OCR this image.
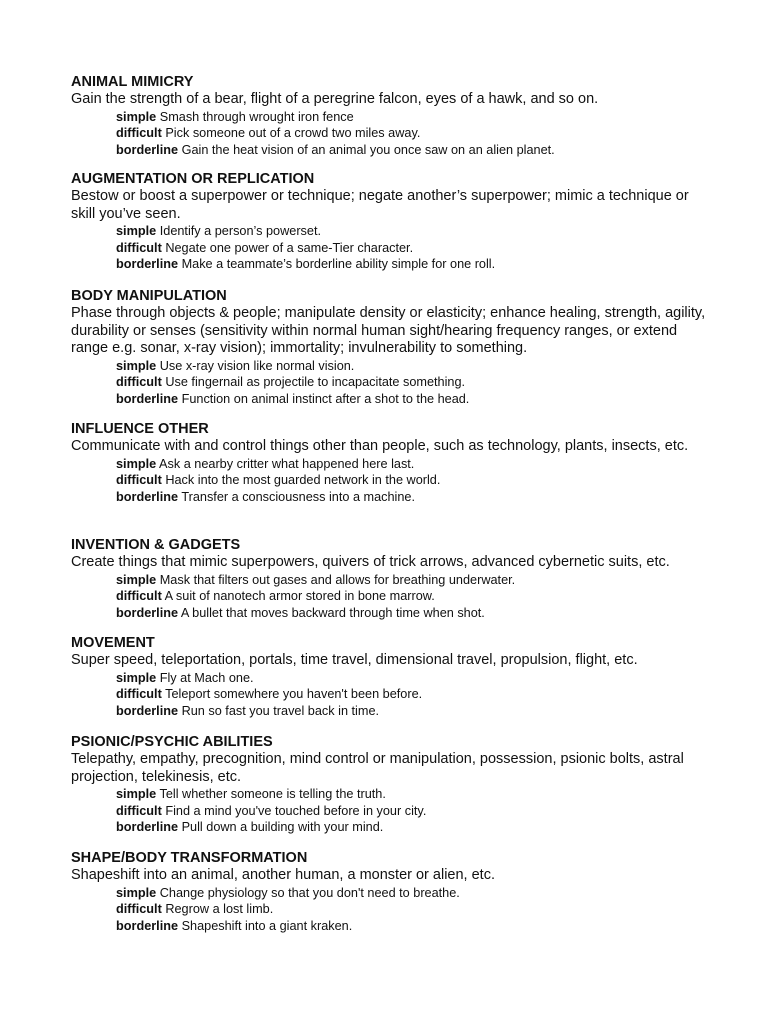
ANIMAL MIMICRY

Gain the strength of a bear, flight of a peregrine falcon, eyes of a hawk, and so on.

simple Smash through wrought iron fence
difficult Pick someone out of a crowd two miles away.
borderline Gain the heat vision of an animal you once saw on an alien planet.
AUGMENTATION OR REPLICATION

Bestow or boost a superpower or technique; negate another’s superpower; mimic a technique or skill you’ve seen.

simple Identify a person’s powerset.
difficult Negate one power of a same-Tier character.
borderline Make a teammate’s borderline ability simple for one roll.
BODY MANIPULATION

Phase through objects & people; manipulate density or elasticity; enhance healing, strength, agility, durability or senses (sensitivity within normal human sight/hearing frequency ranges, or extend range e.g. sonar, x-ray vision); immortality; invulnerability to something.

simple Use x-ray vision like normal vision.
difficult Use fingernail as projectile to incapacitate something.
borderline Function on animal instinct after a shot to the head.
INFLUENCE OTHER

Communicate with and control things other than people, such as technology, plants, insects, etc.

simple Ask a nearby critter what happened here last.
difficult Hack into the most guarded network in the world.
borderline Transfer a consciousness into a machine.
INVENTION & GADGETS

Create things that mimic superpowers, quivers of trick arrows, advanced cybernetic suits, etc.

simple Mask that filters out gases and allows for breathing underwater.
difficult A suit of nanotech armor stored in bone marrow.
borderline A bullet that moves backward through time when shot.
MOVEMENT

Super speed, teleportation, portals, time travel, dimensional travel, propulsion, flight, etc.

simple Fly at Mach one.
difficult Teleport somewhere you haven't been before.
borderline Run so fast you travel back in time.
PSIONIC/PSYCHIC ABILITIES

Telepathy, empathy, precognition, mind control or manipulation, possession, psionic bolts, astral projection, telekinesis, etc.

simple Tell whether someone is telling the truth.
difficult Find a mind you've touched before in your city.
borderline Pull down a building with your mind.
SHAPE/BODY TRANSFORMATION

Shapeshift into an animal, another human, a monster or alien, etc.

simple Change physiology so that you don't need to breathe.
difficult Regrow a lost limb.
borderline Shapeshift into a giant kraken.
